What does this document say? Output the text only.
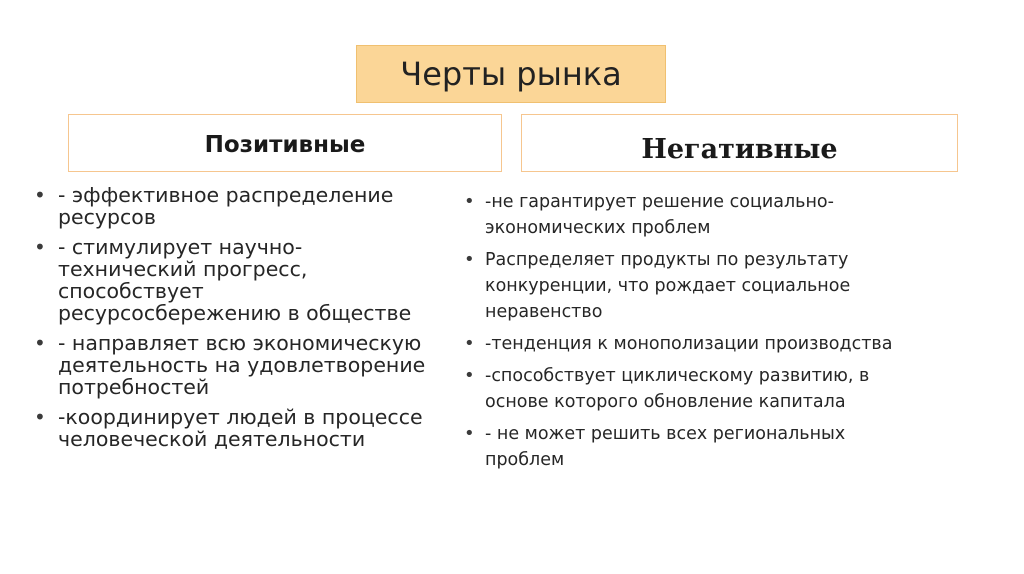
Черты рынка
Позитивные	Негативные
• - эффективное распределение
ресурсов
• - стимулирует научно-
технический прогресс,
способствует
ресурсосбережению в обществе
• - направляет всю экономическую
деятельность на удовлетворение
потребностей
• -координирует людей в процессе
человеческой деятельности
• -не гарантирует решение социально-
экономических проблем
• Распределяет продукты по результату
конкуренции, что рождает социальное
неравенство
• -тенденция к монополизации производства
• -способствует циклическому развитию, в
основе которого обновление капитала
• - не может решить всех региональных
проблем
